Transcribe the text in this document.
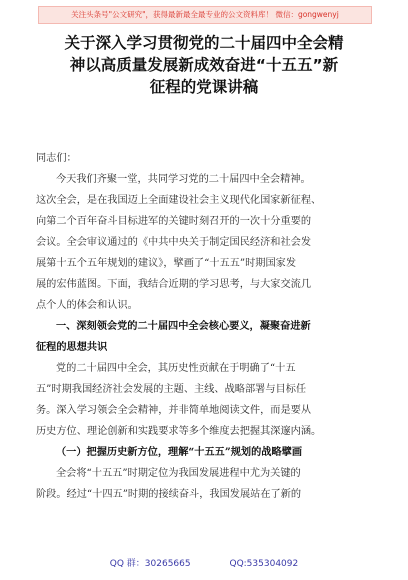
关注头条号"公文研究"，获得最新最全最专业的公文资料库！ 微信：gongwenyj
关于深入学习贯彻党的二十届四中全会精
神以高质量发展新成效奋进“十五五”新
征程的党课讲稿
同志们：
今天我们齐聚一堂，共同学习党的二十届四中全会精神。
这次全会，是在我国迈上全面建设社会主义现代化国家新征程、
向第二个百年奋斗目标进军的关键时刻召开的一次十分重要的
会议。全会审议通过的《中共中央关于制定国民经济和社会发
展第十五个五年规划的建议》，擘画了“十五五”时期国家发
展的宏伟蓝图。下面，我结合近期的学习思考，与大家交流几
点个人的体会和认识。
一、深刻领会党的二十届四中全会核心要义，凝聚奋进新
征程的思想共识
党的二十届四中全会，其历史性贡献在于明确了“十五
五”时期我国经济社会发展的主题、主线、战略部署与目标任
务。深入学习领会全会精神，并非简单地阅读文件，而是要从
历史方位、理论创新和实践要求等多个维度去把握其深邃内涵。
（一）把握历史新方位，理解“十五五”规划的战略擘画
全会将“十五五”时期定位为我国发展进程中尤为关键的
阶段。经过“十四五”时期的接续奋斗，我国发展站在了新的
QQ 群：30265665	QQ:535304092
